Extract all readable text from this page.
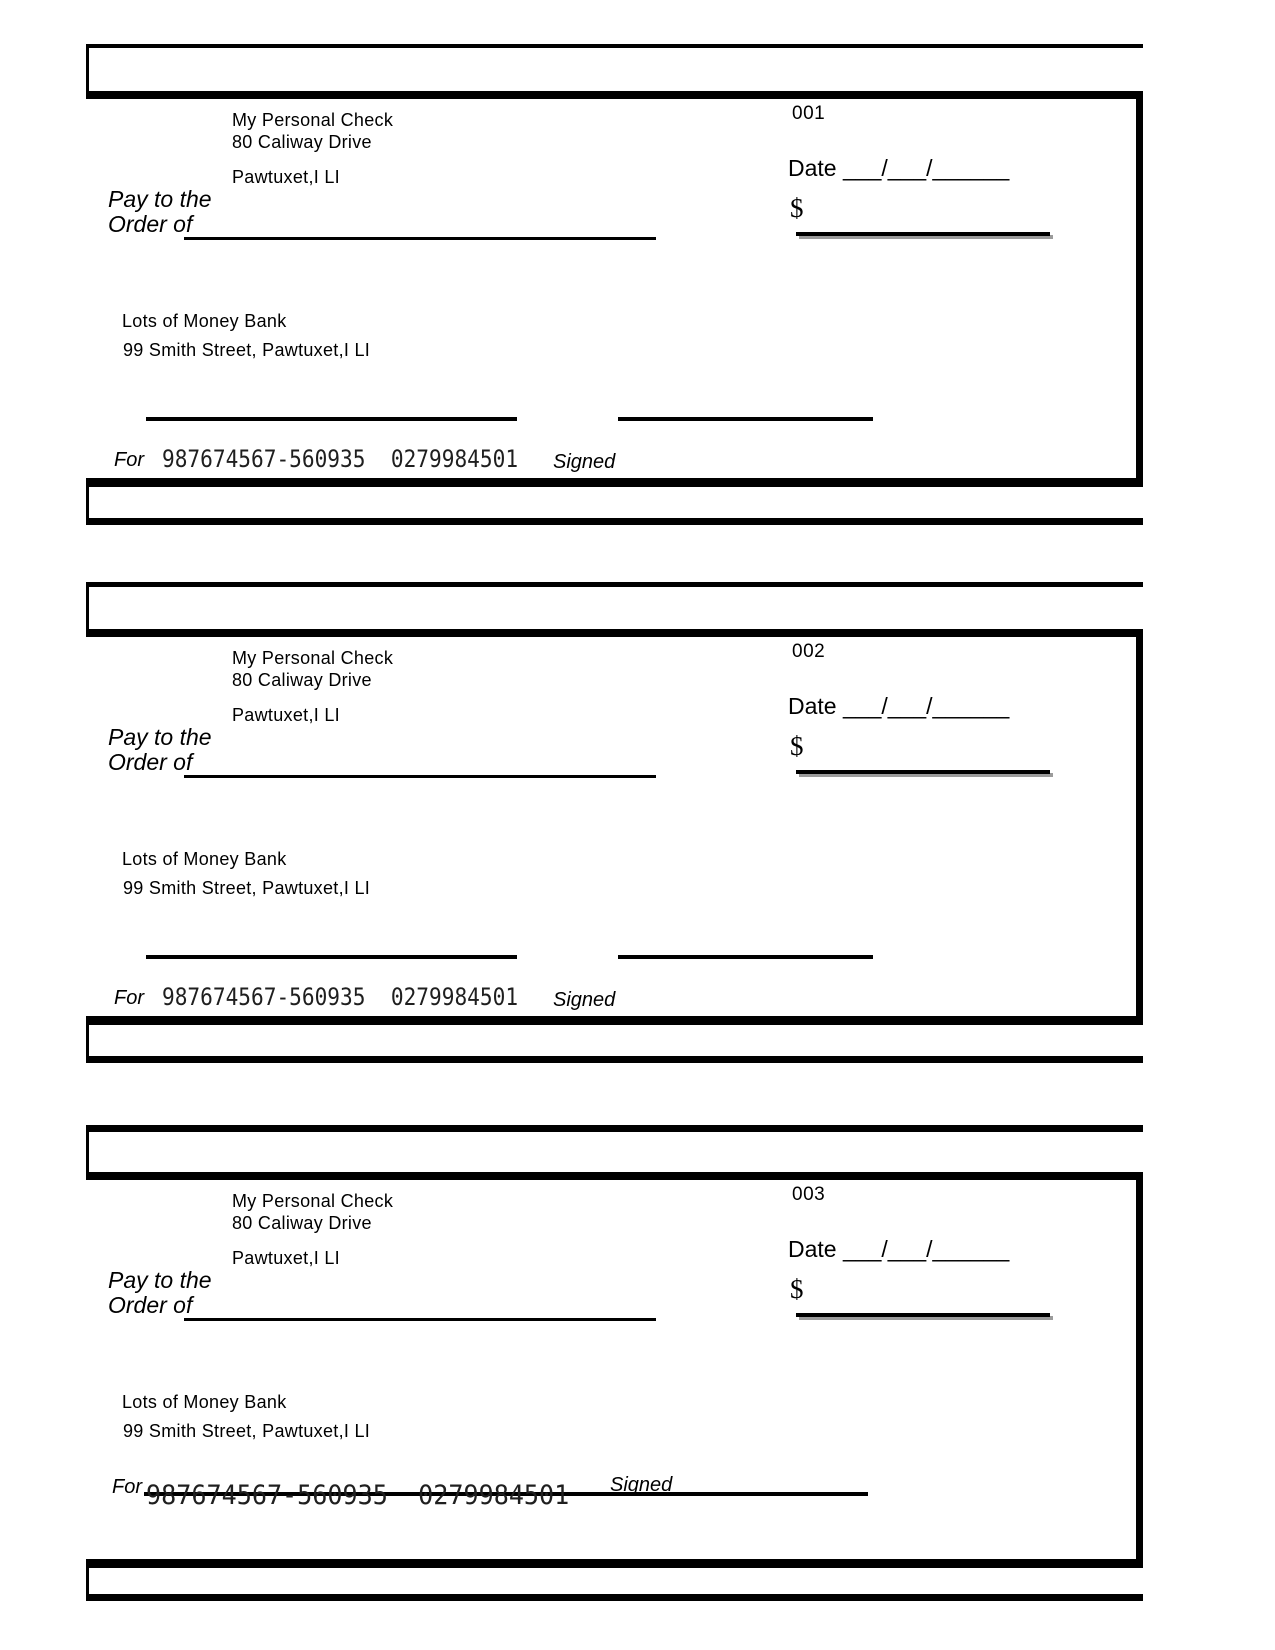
My Personal Check
80 Caliway Drive
Pawtuxet,I LI
001
Date ___/___/______
Pay to the
Order of
$
Lots of Money Bank
99 Smith Street, Pawtuxet,I LI
For 987674567-560935  0279984501 Signed
My Personal Check
80 Caliway Drive
Pawtuxet,I LI
002
Date ___/___/______
Pay to the
Order of
$
Lots of Money Bank
99 Smith Street, Pawtuxet,I LI
For 987674567-560935  0279984501 Signed
My Personal Check
80 Caliway Drive
Pawtuxet,I LI
003
Date ___/___/______
Pay to the
Order of
$
Lots of Money Bank
99 Smith Street, Pawtuxet,I LI
For 987674567-560935  0279984501 Signed
